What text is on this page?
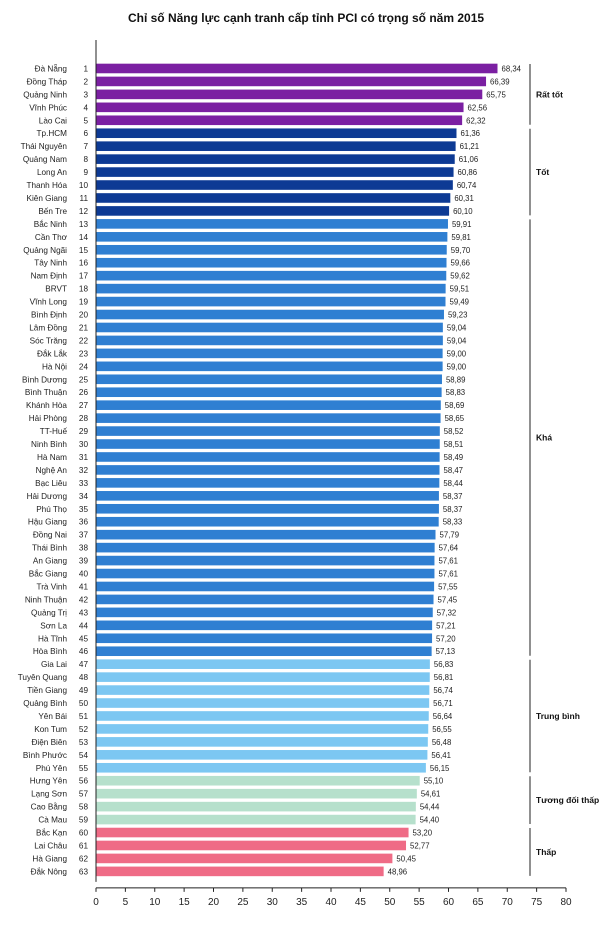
Chỉ số Năng lực cạnh tranh cấp tỉnh PCI có trọng số năm 2015
Đà Nẵng 1	68,34
Đồng Tháp 2	66,39
Quảng Ninh 3	65,75
Vĩnh Phúc 4	62,56
Lào Cai 5	62,32
Tp.HCM 6	61,36
Thái Nguyên 7	61,21
Quảng Nam 8	61,06
Long An 9	60,86
Thanh Hóa 10	60,74
Kiên Giang 11	60,31
Bến Tre 12	60,10
Bắc Ninh 13	59,91
Cần Thơ 14	59,81
Quảng Ngãi 15	59,70
Tây Ninh 16	59,66
Nam Định 17	59,62
BRVT 18	59,51
Vĩnh Long 19	59,49
Bình Định 20	59,23
Lâm Đồng 21	59,04
Sóc Trăng 22	59,04
Đắk Lắk 23	59,00
Hà Nội 24	59,00
Bình Dương 25	58,89
Bình Thuận 26	58,83
Khánh Hòa 27	58,69
Hải Phòng 28	58,65
TT-Huế 29	58,52
Ninh Bình 30	58,51
Hà Nam 31	58,49
Nghệ An 32	58,47
Bạc Liêu 33	58,44
Hải Dương 34	58,37
Phú Thọ 35	58,37
Hậu Giang 36	58,33
Đồng Nai 37	57,79
Thái Bình 38	57,64
An Giang 39	57,61
Bắc Giang 40	57,61
Trà Vinh 41	57,55
Ninh Thuận 42	57,45
Quảng Trị 43	57,32
Sơn La 44	57,21
Hà Tĩnh 45	57,20
Hòa Bình 46	57,13
Gia Lai 47	56,83
Tuyên Quang 48	56,81
Tiền Giang 49	56,74
Quảng Bình 50	56,71
Yên Bái 51	56,64
Kon Tum 52	56,55
Điện Biên 53	56,48
Bình Phước 54	56,41
Phú Yên 55	56,15
Hưng Yên 56	55,10
Lạng Sơn 57	54,61
Cao Bằng 58	54,44
Cà Mau 59	54,40
Bắc Kạn 60	53,20
Lai Châu 61	52,77
Hà Giang 62	50,45
Đắk Nông 63	48,96
0 5 10 15 20 25 30 35 40 45 50 55 60 65 70 75 80
Rất tốt
Tốt
Khá
Trung bình
Tương đối thấp
Thấp
